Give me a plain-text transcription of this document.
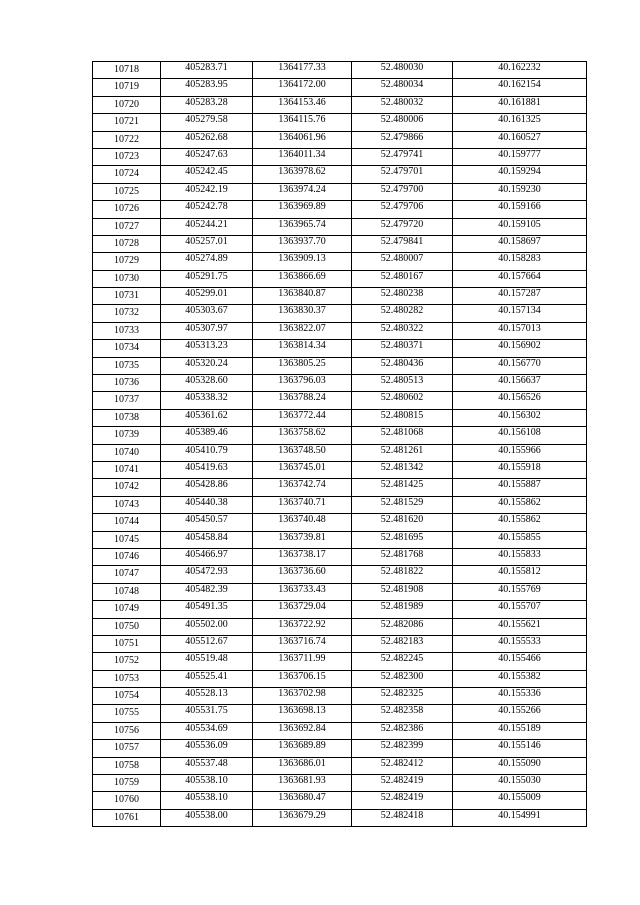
10718	405283.71	1364177.33	52.480030	40.162232
10719	405283.95	1364172.00	52.480034	40.162154
10720	405283.28	1364153.46	52.480032	40.161881
10721	405279.58	1364115.76	52.480006	40.161325
10722	405262.68	1364061.96	52.479866	40.160527
10723	405247.63	1364011.34	52.479741	40.159777
10724	405242.45	1363978.62	52.479701	40.159294
10725	405242.19	1363974.24	52.479700	40.159230
10726	405242.78	1363969.89	52.479706	40.159166
10727	405244.21	1363965.74	52.479720	40.159105
10728	405257.01	1363937.70	52.479841	40.158697
10729	405274.89	1363909.13	52.480007	40.158283
10730	405291.75	1363866.69	52.480167	40.157664
10731	405299.01	1363840.87	52.480238	40.157287
10732	405303.67	1363830.37	52.480282	40.157134
10733	405307.97	1363822.07	52.480322	40.157013
10734	405313.23	1363814.34	52.480371	40.156902
10735	405320.24	1363805.25	52.480436	40.156770
10736	405328.60	1363796.03	52.480513	40.156637
10737	405338.32	1363788.24	52.480602	40.156526
10738	405361.62	1363772.44	52.480815	40.156302
10739	405389.46	1363758.62	52.481068	40.156108
10740	405410.79	1363748.50	52.481261	40.155966
10741	405419.63	1363745.01	52.481342	40.155918
10742	405428.86	1363742.74	52.481425	40.155887
10743	405440.38	1363740.71	52.481529	40.155862
10744	405450.57	1363740.48	52.481620	40.155862
10745	405458.84	1363739.81	52.481695	40.155855
10746	405466.97	1363738.17	52.481768	40.155833
10747	405472.93	1363736.60	52.481822	40.155812
10748	405482.39	1363733.43	52.481908	40.155769
10749	405491.35	1363729.04	52.481989	40.155707
10750	405502.00	1363722.92	52.482086	40.155621
10751	405512.67	1363716.74	52.482183	40.155533
10752	405519.48	1363711.99	52.482245	40.155466
10753	405525.41	1363706.15	52.482300	40.155382
10754	405528.13	1363702.98	52.482325	40.155336
10755	405531.75	1363698.13	52.482358	40.155266
10756	405534.69	1363692.84	52.482386	40.155189
10757	405536.09	1363689.89	52.482399	40.155146
10758	405537.48	1363686.01	52.482412	40.155090
10759	405538.10	1363681.93	52.482419	40.155030
10760	405538.10	1363680.47	52.482419	40.155009
10761	405538.00	1363679.29	52.482418	40.154991
